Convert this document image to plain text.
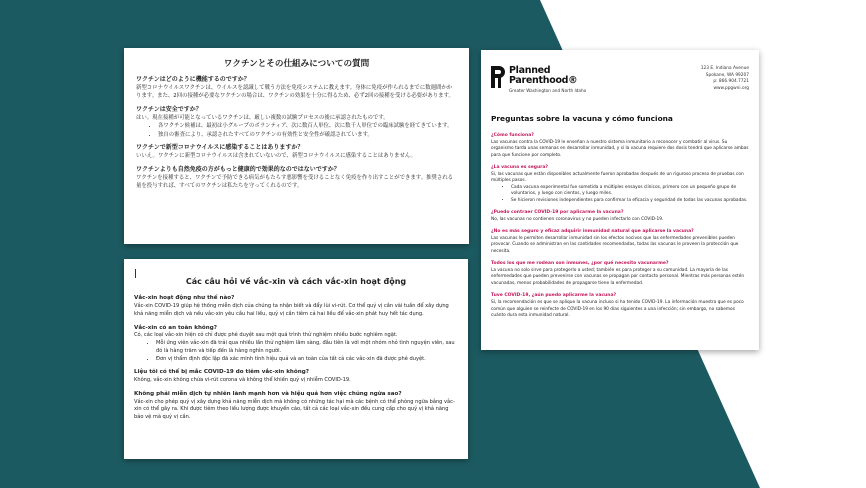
ワクチンとその仕組みについての質問

ワクチンはどのように機能するのですか？

新型コロナウイルスワクチンは、ウイルスを認識して戦う方法を免疫システムに教えます。身体に免疫が作られるまでに数週間かかります。また、2回の接種が必要なワクチンの場合は、ワクチンの効果を十分に得るため、必ず2回の接種を受ける必要があります。

ワクチンは安全ですか？

はい。現在接種が可能となっているワクチンは、厳しい複数の試験プロセスの後に承認されたものです。

• 各ワクチン候補は、最初は小グループのボランティア、次に数百人単位、次に数千人単位での臨床試験を経てきています。
• 独自の審査により、承認されたすべてのワクチンの有効性と安全性が確認されています。

ワクチンで新型コロナウイルスに感染することはありますか？

いいえ。ワクチンに新型コロナウイルスは含まれていないので、新型コロナウイルスに感染することはありません。

ワクチンよりも自然免疫の方がもっと健康的で効果的なのではないですか？

ワクチンを接種すると、ワクチンで予防できる病気がもたらす悪影響を受けることなく免疫を作り出すことができます。推奨される量を投与すれば、すべてのワクチンは私たちを守ってくれるのです。

Các câu hỏi về vắc-xin và cách vắc-xin hoạt động

Vắc-xin hoạt động như thế nào?

Vắc-xin COVID-19 giúp hệ thống miễn dịch của chúng ta nhận biết và đẩy lùi vi-rút. Cơ thể quý vị cần vài tuần để xây dựng khả năng miễn dịch và nếu vắc-xin yêu cầu hai liều, quý vị cần tiêm cả hai liều để vắc-xin phát huy hết tác dụng.

Vắc-xin có an toàn không?

Có, các loại vắc-xin hiện có chỉ được phê duyệt sau một quá trình thử nghiệm nhiều bước nghiêm ngặt.

• Mỗi ứng viên vắc-xin đã trải qua nhiều lần thử nghiệm lâm sàng, đầu tiên là với một nhóm nhỏ tình nguyện viên, sau đó là hàng trăm và tiếp đến là hàng nghìn người.
• Đơn vị thẩm định độc lập đã xác minh tính hiệu quả và an toàn của tất cả các vắc-xin đã được phê duyệt.

Liệu tôi có thể bị mắc COVID-19 do tiêm vắc-xin không?

Không, vắc-xin không chứa vi-rút corona và không thể khiến quý vị nhiễm COVID-19.

Không phải miễn dịch tự nhiên lành mạnh hơn và hiệu quả hơn việc chủng ngừa sao?

Vắc-xin cho phép quý vị xây dựng khả năng miễn dịch mà không có những tác hại mà các bệnh có thể phòng ngừa bằng vắc-xin có thể gây ra. Khi được tiêm theo liều lượng được khuyến cáo, tất cả các loại vắc-xin đều cung cấp cho quý vị khả năng bảo vệ mà quý vị cần.

Planned
Parenthood®
Greater Washington and North Idaho
123 E. Indiana Avenue
Spokane, WA 99207
p: 866.904.7721
www.ppgwni.org

Preguntas sobre la vacuna y cómo funciona

¿Cómo funciona?

Las vacunas contra la COVID-19 le enseñan a nuestro sistema inmunitario a reconocer y combatir al virus. Su organismo tarda unas semanas en desarrollar inmunidad, y si la vacuna requiere dos dosis tendrá que aplicarse ambas para que funcione por completo.

¿La vacuna es segura?

Sí, las vacunas que están disponibles actualmente fueron aprobadas después de un riguroso proceso de pruebas con múltiples pasos.

• Cada vacuna experimental fue sometida a múltiples ensayos clínicos, primero con un pequeño grupo de voluntarios, y luego con cientos, y luego miles.
• Se hicieron revisiones independientes para confirmar la eficacia y seguridad de todas las vacunas aprobadas.

¿Puedo contraer COVID-19 por aplicarme la vacuna?

No, las vacunas no contienen coronavirus y no pueden infectarlo con COVID-19.

¿No es más seguro y eficaz adquirir inmunidad natural que aplicarse la vacuna?

Las vacunas le permiten desarrollar inmunidad sin los efectos nocivos que las enfermedades prevenibles pueden provocar. Cuando se administran en las cantidades recomendadas, todas las vacunas le proveen la protección que necesita.

Todos los que me rodean son inmunes, ¿por qué necesito vacunarme?

La vacuna no solo sirve para protegerlo a usted; también es para proteger a su comunidad. La mayoría de las enfermedades que pueden prevenirse con vacunas se propagan por contacto personal. Mientras más personas estén vacunadas, menos probabilidades de propagarse tiene la enfermedad.

Tuve COVID-19, ¿aún puedo aplicarme la vacuna?

Sí, la recomendación es que se aplique la vacuna incluso si ha tenido COVID-19. La información muestra que es poco común que alguien se reinfecte de COVID-19 en los 90 días siguientes a una infección; sin embargo, no sabemos cuánto dura esta inmunidad natural.
